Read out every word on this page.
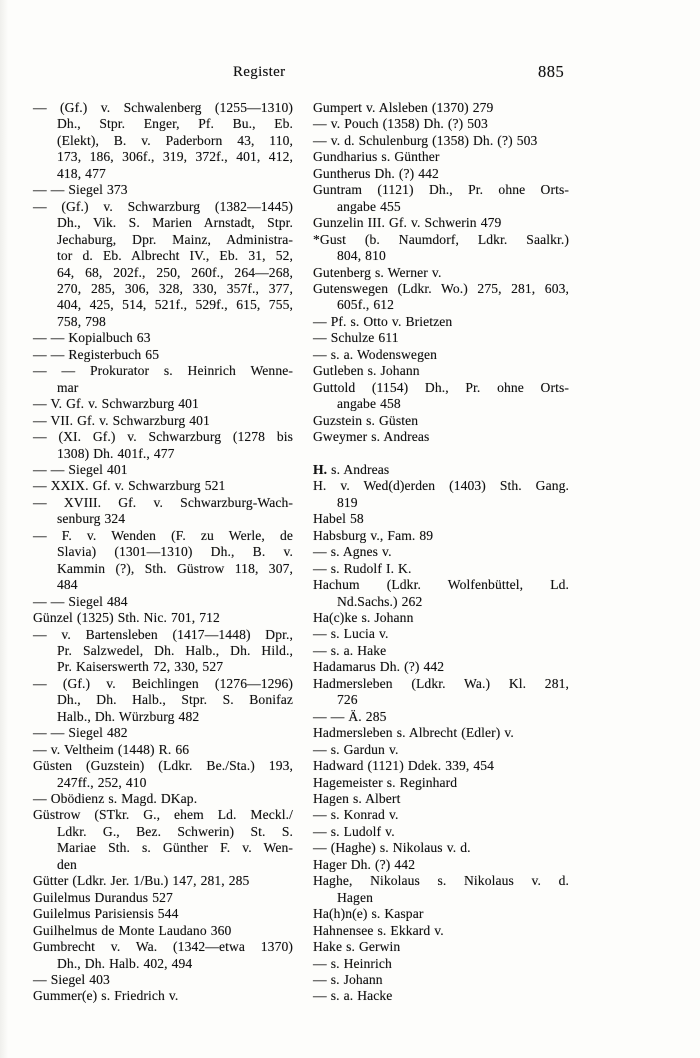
Register	885
— (Gf.) v. Schwalenberg (1255—1310)
Dh., Stpr. Enger, Pf. Bu., Eb.
(Elekt), B. v. Paderborn 43, 110,
173, 186, 306f., 319, 372f., 401, 412,
418, 477
— — Siegel 373
— (Gf.) v. Schwarzburg (1382—1445)
Dh., Vik. S. Marien Arnstadt, Stpr.
Jechaburg, Dpr. Mainz, Administra-
tor d. Eb. Albrecht IV., Eb. 31, 52,
64, 68, 202f., 250, 260f., 264—268,
270, 285, 306, 328, 330, 357f., 377,
404, 425, 514, 521f., 529f., 615, 755,
758, 798
— — Kopialbuch 63
— — Registerbuch 65
— — Prokurator s. Heinrich Wenne-
mar
— V. Gf. v. Schwarzburg 401
— VII. Gf. v. Schwarzburg 401
— (XI. Gf.) v. Schwarzburg (1278 bis
1308) Dh. 401f., 477
— — Siegel 401
— XXIX. Gf. v. Schwarzburg 521
— XVIII. Gf. v. Schwarzburg-Wach-
senburg 324
— F. v. Wenden (F. zu Werle, de
Slavia) (1301—1310) Dh., B. v.
Kammin (?), Sth. Güstrow 118, 307,
484
— — Siegel 484
Günzel (1325) Sth. Nic. 701, 712
— v. Bartensleben (1417—1448) Dpr.,
Pr. Salzwedel, Dh. Halb., Dh. Hild.,
Pr. Kaiserswerth 72, 330, 527
— (Gf.) v. Beichlingen (1276—1296)
Dh., Dh. Halb., Stpr. S. Bonifaz
Halb., Dh. Würzburg 482
— — Siegel 482
— v. Veltheim (1448) R. 66
Güsten (Guzstein) (Ldkr. Be./Sta.) 193,
247ff., 252, 410
— Obödienz s. Magd. DKap.
Güstrow (STkr. G., ehem Ld. Meckl./
Ldkr. G., Bez. Schwerin) St. S.
Mariae Sth. s. Günther F. v. Wen-
den
Gütter (Ldkr. Jer. 1/Bu.) 147, 281, 285
Guilelmus Durandus 527
Guilelmus Parisiensis 544
Guilhelmus de Monte Laudano 360
Gumbrecht v. Wa. (1342—etwa 1370)
Dh., Dh. Halb. 402, 494
— Siegel 403
Gummer(e) s. Friedrich v.
Gumpert v. Alsleben (1370) 279
— v. Pouch (1358) Dh. (?) 503
— v. d. Schulenburg (1358) Dh. (?) 503
Gundharius s. Günther
Guntherus Dh. (?) 442
Guntram (1121) Dh., Pr. ohne Orts-
angabe 455
Gunzelin III. Gf. v. Schwerin 479
*Gust (b. Naumdorf, Ldkr. Saalkr.)
804, 810
Gutenberg s. Werner v.
Gutenswegen (Ldkr. Wo.) 275, 281, 603,
605f., 612
— Pf. s. Otto v. Brietzen
— Schulze 611
— s. a. Wodenswegen
Gutleben s. Johann
Guttold (1154) Dh., Pr. ohne Orts-
angabe 458
Guzstein s. Güsten
Gweymer s. Andreas
H. s. Andreas
H. v. Wed(d)erden (1403) Sth. Gang.
819
Habel 58
Habsburg v., Fam. 89
— s. Agnes v.
— s. Rudolf I. K.
Hachum (Ldkr. Wolfenbüttel, Ld.
Nd.Sachs.) 262
Ha(c)ke s. Johann
— s. Lucia v.
— s. a. Hake
Hadamarus Dh. (?) 442
Hadmersleben (Ldkr. Wa.) Kl. 281,
726
— — Ä. 285
Hadmersleben s. Albrecht (Edler) v.
— s. Gardun v.
Hadward (1121) Ddek. 339, 454
Hagemeister s. Reginhard
Hagen s. Albert
— s. Konrad v.
— s. Ludolf v.
— (Haghe) s. Nikolaus v. d.
Hager Dh. (?) 442
Haghe, Nikolaus s. Nikolaus v. d.
Hagen
Ha(h)n(e) s. Kaspar
Hahnensee s. Ekkard v.
Hake s. Gerwin
— s. Heinrich
— s. Johann
— s. a. Hacke
